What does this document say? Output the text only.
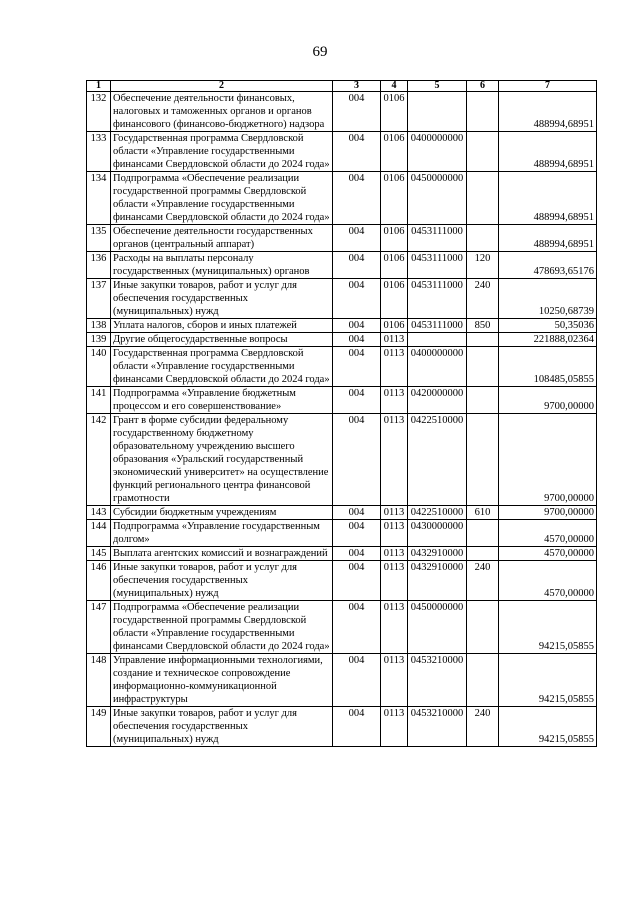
69
1	2	3	4	5	6	7
132	Обеспечение деятельности финансовых, налоговых и таможенных органов и органов финансового (финансово-бюджетного) надзора	004	0106			488994,68951
133	Государственная программа Свердловской области «Управление государственными финансами Свердловской области до 2024 года»	004	0106	0400000000		488994,68951
134	Подпрограмма «Обеспечение реализации государственной программы Свердловской области «Управление государственными финансами Свердловской области до 2024 года»	004	0106	0450000000		488994,68951
135	Обеспечение деятельности государственных органов (центральный аппарат)	004	0106	0453111000		488994,68951
136	Расходы на выплаты персоналу государственных (муниципальных) органов	004	0106	0453111000	120	478693,65176
137	Иные закупки товаров, работ и услуг для обеспечения государственных (муниципальных) нужд	004	0106	0453111000	240	10250,68739
138	Уплата налогов, сборов и иных платежей	004	0106	0453111000	850	50,35036
139	Другие общегосударственные вопросы	004	0113			221888,02364
140	Государственная программа Свердловской области «Управление государственными финансами Свердловской области до 2024 года»	004	0113	0400000000		108485,05855
141	Подпрограмма «Управление бюджетным процессом и его совершенствование»	004	0113	0420000000		9700,00000
142	Грант в форме субсидии федеральному государственному бюджетному образовательному учреждению высшего образования «Уральский государственный экономический университет» на осуществление функций регионального центра финансовой грамотности	004	0113	0422510000		9700,00000
143	Субсидии бюджетным учреждениям	004	0113	0422510000	610	9700,00000
144	Подпрограмма «Управление государственным долгом»	004	0113	0430000000		4570,00000
145	Выплата агентских комиссий и вознаграждений	004	0113	0432910000		4570,00000
146	Иные закупки товаров, работ и услуг для обеспечения государственных (муниципальных) нужд	004	0113	0432910000	240	4570,00000
147	Подпрограмма «Обеспечение реализации государственной программы Свердловской области «Управление государственными финансами Свердловской области до 2024 года»	004	0113	0450000000		94215,05855
148	Управление информационными технологиями, создание и техническое сопровождение информационно-коммуникационной инфраструктуры	004	0113	0453210000		94215,05855
149	Иные закупки товаров, работ и услуг для обеспечения государственных (муниципальных) нужд	004	0113	0453210000	240	94215,05855
